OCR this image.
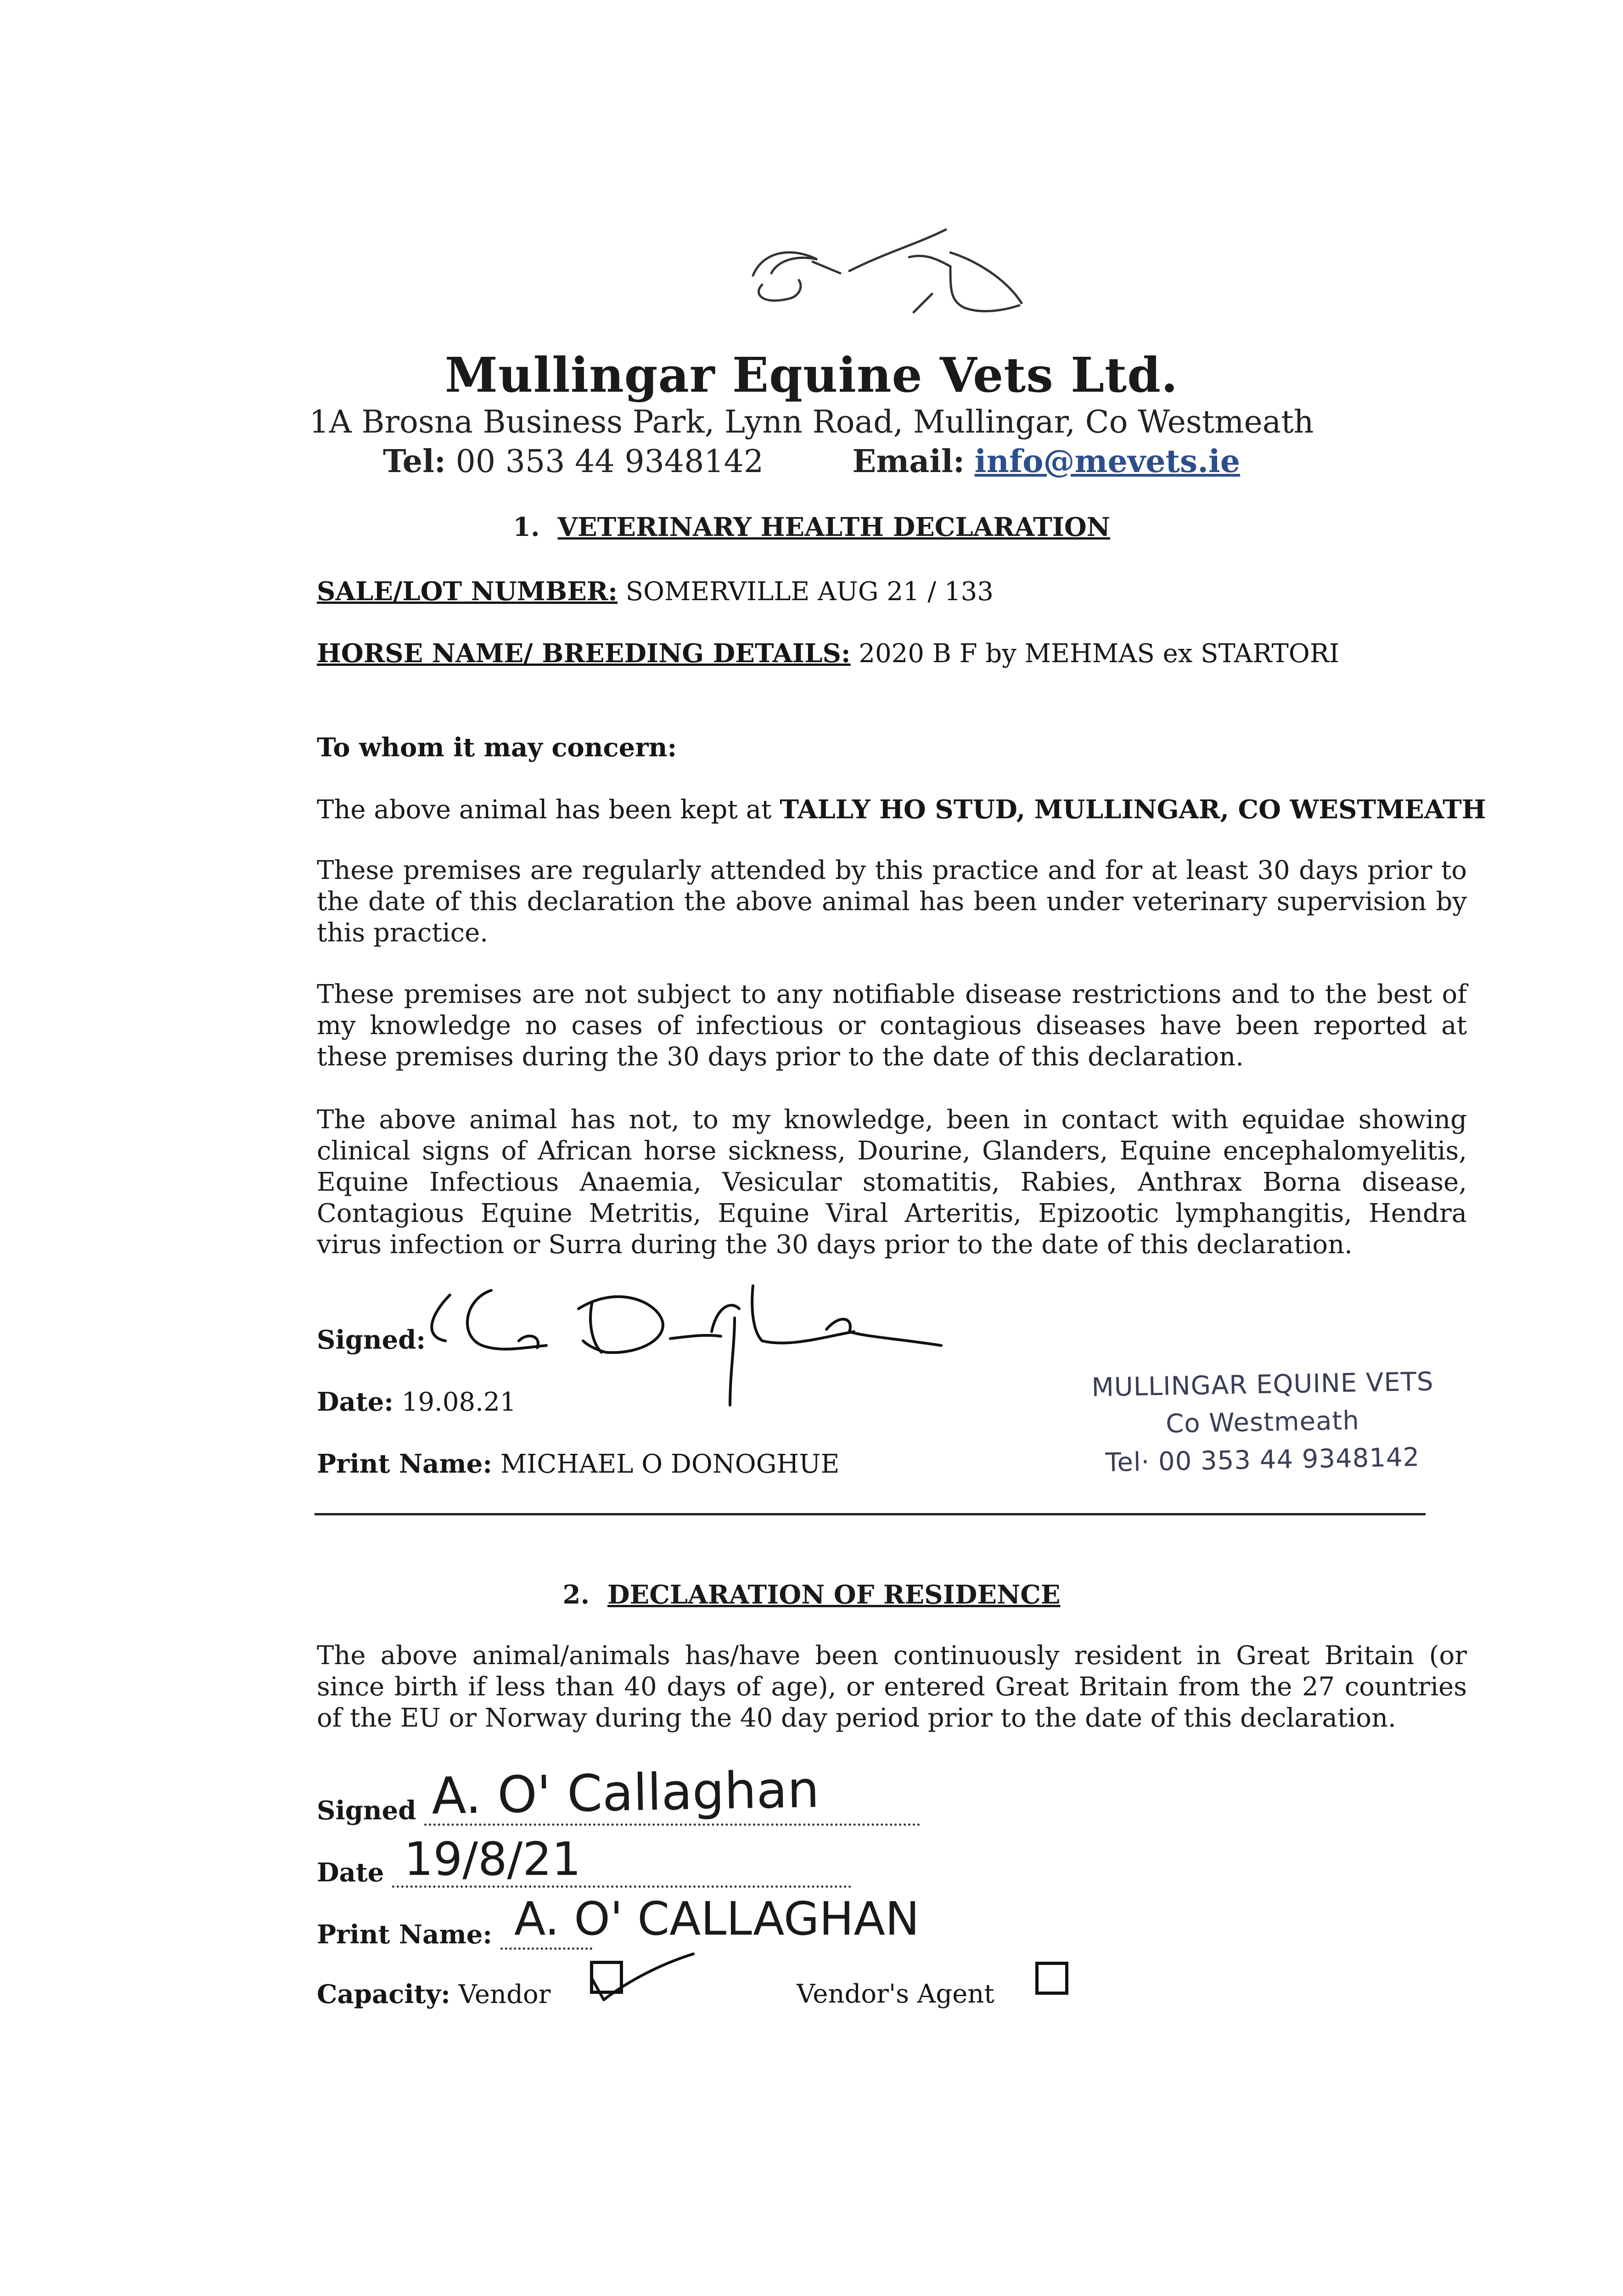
Mullingar Equine Vets Ltd.
1A Brosna Business Park, Lynn Road, Mullingar, Co Westmeath
Tel: 00 353 44 9348142	Email: info@mevets.ie
1. VETERINARY HEALTH DECLARATION
SALE/LOT NUMBER: SOMERVILLE AUG 21 / 133
HORSE NAME/ BREEDING DETAILS: 2020 B F by MEHMAS ex STARTORI
To whom it may concern:
The above animal has been kept at TALLY HO STUD, MULLINGAR, CO WESTMEATH
These premises are regularly attended by this practice and for at least 30 days prior to the date of this declaration the above animal has been under veterinary supervision by this practice.
These premises are not subject to any notifiable disease restrictions and to the best of my knowledge no cases of infectious or contagious diseases have been reported at these premises during the 30 days prior to the date of this declaration.
The above animal has not, to my knowledge, been in contact with equidae showing clinical signs of African horse sickness, Dourine, Glanders, Equine encephalomyelitis, Equine Infectious Anaemia, Vesicular stomatitis, Rabies, Anthrax Borna disease, Contagious Equine Metritis, Equine Viral Arteritis, Epizootic lymphangitis, Hendra virus infection or Surra during the 30 days prior to the date of this declaration.
Signed:
Date: 19.08.21
Print Name: MICHAEL O DONOGHUE
MULLINGAR EQUINE VETS
Co Westmeath
Tel· 00 353 44 9348142
2. DECLARATION OF RESIDENCE
The above animal/animals has/have been continuously resident in Great Britain (or since birth if less than 40 days of age), or entered Great Britain from the 27 countries of the EU or Norway during the 40 day period prior to the date of this declaration.
Signed A. O' Callaghan
Date 19/8/21
Print Name: A. O' CALLAGHAN
Capacity: Vendor	Vendor's Agent
